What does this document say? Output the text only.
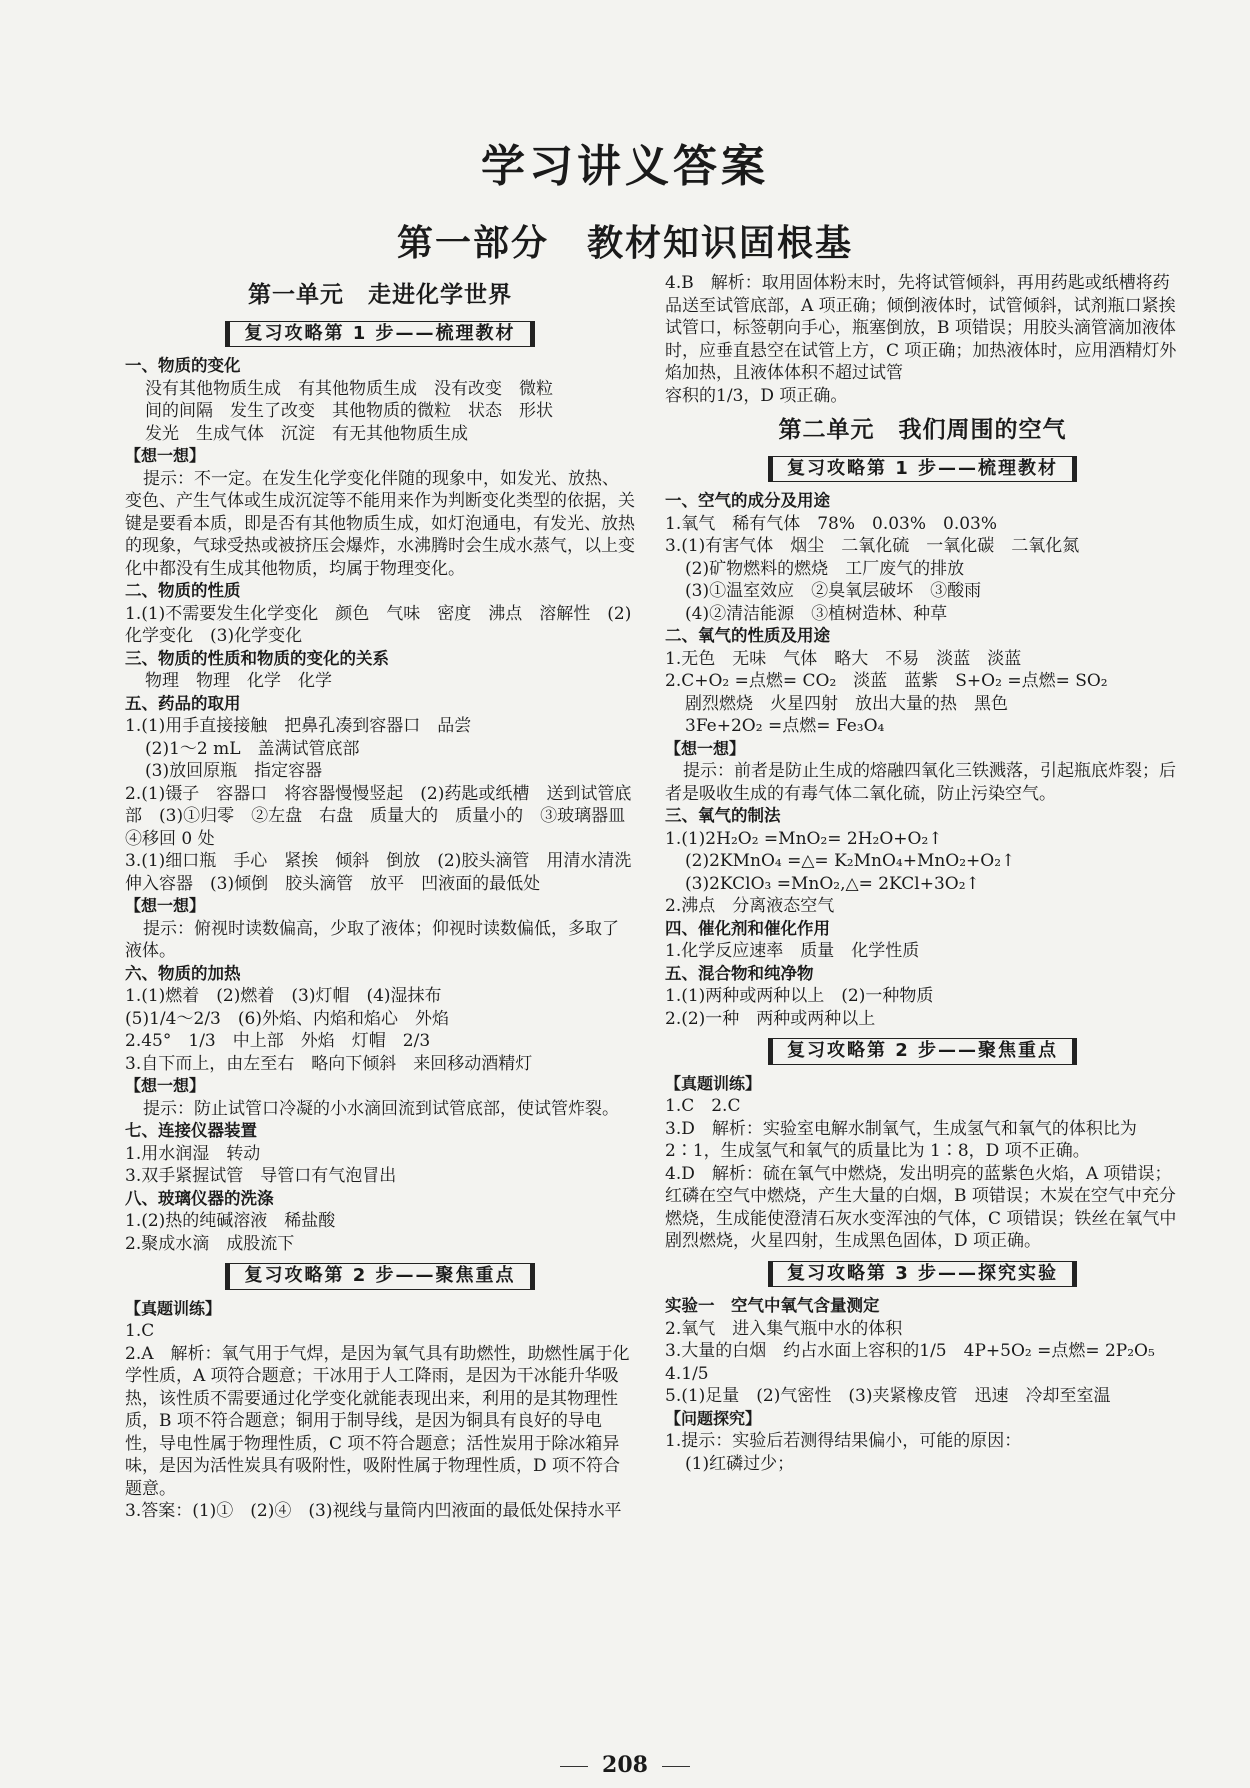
学习讲义答案
第一部分　教材知识固根基
第一单元　走进化学世界
复习攻略第 1 步——梳理教材

一、物质的变化

没有其他物质生成　有其他物质生成　没有改变　微粒

间的间隔　发生了改变　其他物质的微粒　状态　形状

发光　生成气体　沉淀　有无其他物质生成

【想一想】

提示：不一定。在发生化学变化伴随的现象中，如发光、放热、变色、产生气体或生成沉淀等不能用来作为判断变化类型的依据，关键是要看本质，即是否有其他物质生成，如灯泡通电，有发光、放热的现象，气球受热或被挤压会爆炸，水沸腾时会生成水蒸气，以上变化中都没有生成其他物质，均属于物理变化。

二、物质的性质

1.(1)不需要发生化学变化　颜色　气味　密度　沸点　溶解性　(2)化学变化　(3)化学变化

三、物质的性质和物质的变化的关系

物理　物理　化学　化学

五、药品的取用

1.(1)用手直接接触　把鼻孔凑到容器口　品尝

(2)1～2 mL　盖满试管底部

(3)放回原瓶　指定容器

2.(1)镊子　容器口　将容器慢慢竖起　(2)药匙或纸槽　送到试管底部　(3)①归零　②左盘　右盘　质量大的　质量小的　③玻璃器皿　④移回 0 处

3.(1)细口瓶　手心　紧挨　倾斜　倒放　(2)胶头滴管　用清水清洗　伸入容器　(3)倾倒　胶头滴管　放平　凹液面的最低处

【想一想】

提示：俯视时读数偏高，少取了液体；仰视时读数偏低，多取了液体。

六、物质的加热

1.(1)燃着　(2)燃着　(3)灯帽　(4)湿抹布

(5)1/4～2/3　 (6)外焰、内焰和焰心　外焰

2.45°　 1/3　 中上部　外焰　灯帽　 2/3

3.自下而上，由左至右　略向下倾斜　来回移动酒精灯

【想一想】

提示：防止试管口冷凝的小水滴回流到试管底部，使试管炸裂。

七、连接仪器装置

1.用水润湿　转动

3.双手紧握试管　导管口有气泡冒出

八、玻璃仪器的洗涤

1.(2)热的纯碱溶液　稀盐酸

2.聚成水滴　成股流下

复习攻略第 2 步——聚焦重点

【真题训练】

1.C

2.A　解析：氧气用于气焊，是因为氧气具有助燃性，助燃性属于化学性质，A 项符合题意；干冰用于人工降雨，是因为干冰能升华吸热，该性质不需要通过化学变化就能表现出来，利用的是其物理性质，B 项不符合题意；铜用于制导线，是因为铜具有良好的导电性，导电性属于物理性质，C 项不符合题意；活性炭用于除冰箱异味，是因为活性炭具有吸附性，吸附性属于物理性质，D 项不符合题意。

3.答案：(1)①　(2)④　(3)视线与量筒内凹液面的最低处保持水平

4.B　解析：取用固体粉末时，先将试管倾斜，再用药匙或纸槽将药品送至试管底部，A 项正确；倾倒液体时，试管倾斜，试剂瓶口紧挨试管口，标签朝向手心，瓶塞倒放，B 项错误；用胶头滴管滴加液体时，应垂直悬空在试管上方，C 项正确；加热液体时，应用酒精灯外焰加热，且液体体积不超过试管

容积的1/3，D 项正确。

第二单元　我们周围的空气
复习攻略第 1 步——梳理教材

一、空气的成分及用途

1.氧气　稀有气体　78%　0.03%　0.03%

3.(1)有害气体　烟尘　二氧化硫　一氧化碳　二氧化氮

(2)矿物燃料的燃烧　工厂废气的排放

(3)①温室效应　②臭氧层破坏　③酸雨

(4)②清洁能源　③植树造林、种草

二、氧气的性质及用途

1.无色　无味　气体　略大　不易　淡蓝　淡蓝

2.C+O₂ =点燃= CO₂　淡蓝　蓝紫　S+O₂ =点燃= SO₂

剧烈燃烧　火星四射　放出大量的热　黑色

3Fe+2O₂ =点燃= Fe₃O₄

【想一想】

提示：前者是防止生成的熔融四氧化三铁溅落，引起瓶底炸裂；后者是吸收生成的有毒气体二氧化硫，防止污染空气。

三、氧气的制法

1.(1)2H₂O₂ =MnO₂= 2H₂O+O₂↑

(2)2KMnO₄ =△= K₂MnO₄+MnO₂+O₂↑

(3)2KClO₃ =MnO₂,△= 2KCl+3O₂↑

2.沸点　分离液态空气

四、催化剂和催化作用

1.化学反应速率　质量　化学性质

五、混合物和纯净物

1.(1)两种或两种以上　(2)一种物质

2.(2)一种　两种或两种以上

复习攻略第 2 步——聚焦重点

【真题训练】

1.C　2.C

3.D　解析：实验室电解水制氧气，生成氢气和氧气的体积比为 2∶1，生成氢气和氧气的质量比为 1∶8，D 项不正确。

4.D　解析：硫在氧气中燃烧，发出明亮的蓝紫色火焰，A 项错误；红磷在空气中燃烧，产生大量的白烟，B 项错误；木炭在空气中充分燃烧，生成能使澄清石灰水变浑浊的气体，C 项错误；铁丝在氧气中剧烈燃烧，火星四射，生成黑色固体，D 项正确。

复习攻略第 3 步——探究实验

实验一　空气中氧气含量测定

2.氧气　进入集气瓶中水的体积

3.大量的白烟　约占水面上容积的1/5　 4P+5O₂ =点燃= 2P₂O₅

4.1/5

5.(1)足量　(2)气密性　(3)夹紧橡皮管　迅速　冷却至室温

【问题探究】

1.提示：实验后若测得结果偏小，可能的原因：

(1)红磷过少；

208
